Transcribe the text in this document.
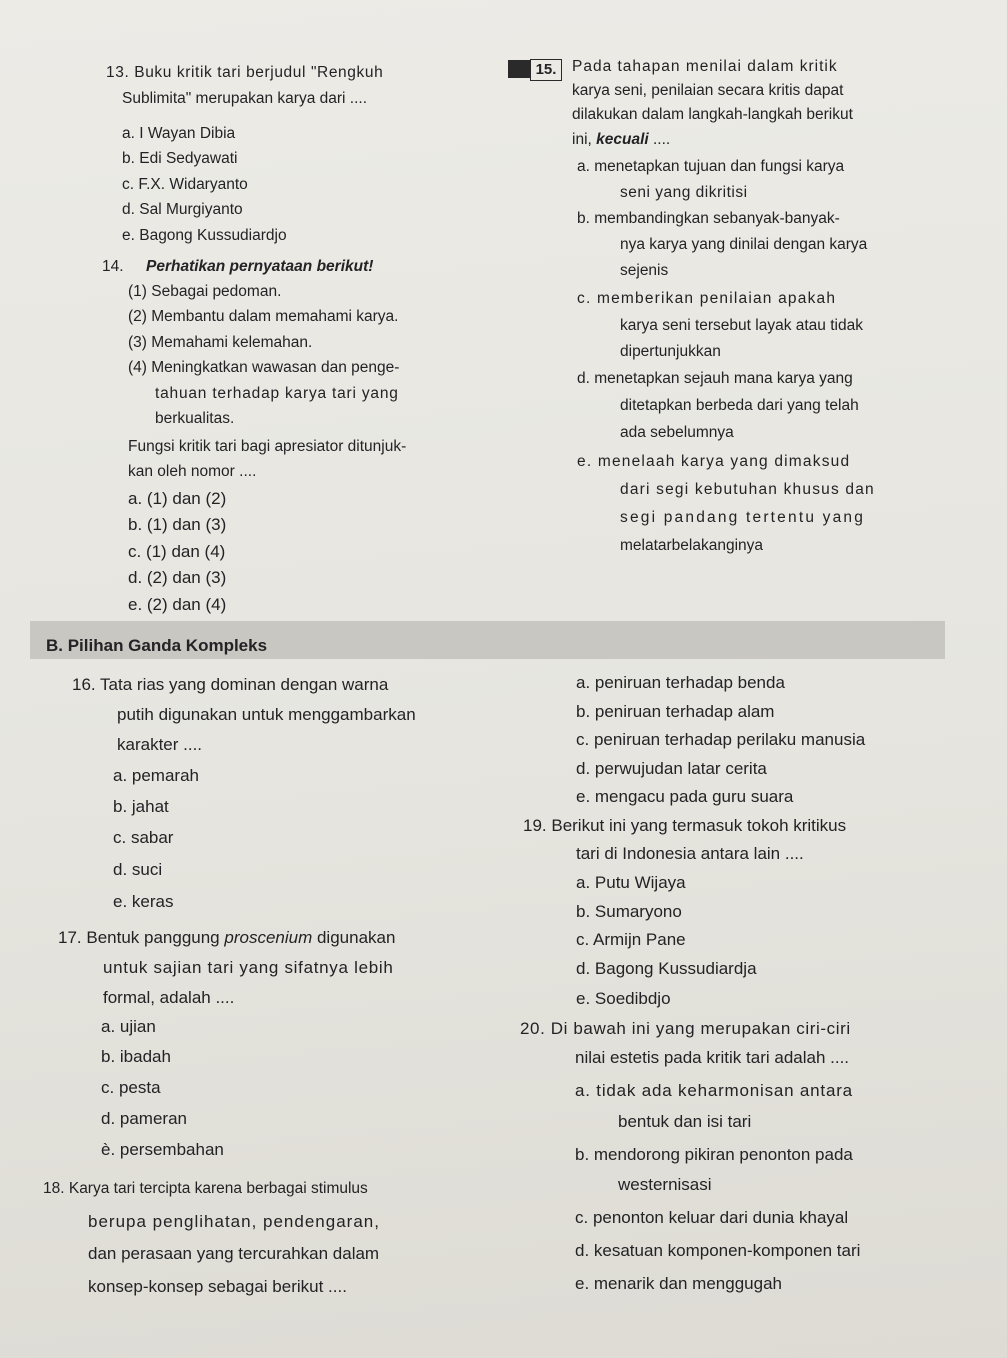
13. Buku kritik tari berjudul "Rengkuh
Sublimita" merupakan karya dari ....
a. I Wayan Dibia
b. Edi Sedyawati
c. F.X. Widaryanto
d. Sal Murgiyanto
e. Bagong Kussudiardjo
14. Perhatikan pernyataan berikut!
(1) Sebagai pedoman.
(2) Membantu dalam memahami karya.
(3) Memahami kelemahan.
(4) Meningkatkan wawasan dan penge-
tahuan terhadap karya tari yang
berkualitas.
Fungsi kritik tari bagi apresiator ditunjuk-
kan oleh nomor ....
a. (1) dan (2)
b. (1) dan (3)
c. (1) dan (4)
d. (2) dan (3)
e. (2) dan (4)
15.	Pada tahapan menilai dalam kritik
karya seni, penilaian secara kritis dapat
dilakukan dalam langkah-langkah berikut
ini, kecuali ....
a. menetapkan tujuan dan fungsi karya
seni yang dikritisi
b. membandingkan sebanyak-banyak-
nya karya yang dinilai dengan karya
sejenis
c. memberikan penilaian apakah
karya seni tersebut layak atau tidak
dipertunjukkan
d. menetapkan sejauh mana karya yang
ditetapkan berbeda dari yang telah
ada sebelumnya
e. menelaah karya yang dimaksud
dari segi kebutuhan khusus dan
segi pandang tertentu yang
melatarbelakanginya
B. Pilihan Ganda Kompleks
16. Tata rias yang dominan dengan warna
putih digunakan untuk menggambarkan
karakter ....
a. pemarah
b. jahat
c. sabar
d. suci
e. keras
17. Bentuk panggung proscenium digunakan
untuk sajian tari yang sifatnya lebih
formal, adalah ....
a. ujian
b. ibadah
c. pesta
d. pameran
è. persembahan
18. Karya tari tercipta karena berbagai stimulus
berupa penglihatan, pendengaran,
dan perasaan yang tercurahkan dalam
konsep-konsep sebagai berikut ....
a. peniruan terhadap benda
b. peniruan terhadap alam
c. peniruan terhadap perilaku manusia
d. perwujudan latar cerita
e. mengacu pada guru suara
19. Berikut ini yang termasuk tokoh kritikus
tari di Indonesia antara lain ....
a. Putu Wijaya
b. Sumaryono
c. Armijn Pane
d. Bagong Kussudiardja
e. Soedibdjo
20. Di bawah ini yang merupakan ciri-ciri
nilai estetis pada kritik tari adalah ....
a. tidak ada keharmonisan antara
bentuk dan isi tari
b. mendorong pikiran penonton pada
westernisasi
c. penonton keluar dari dunia khayal
d. kesatuan komponen-komponen tari
e. menarik dan menggugah
